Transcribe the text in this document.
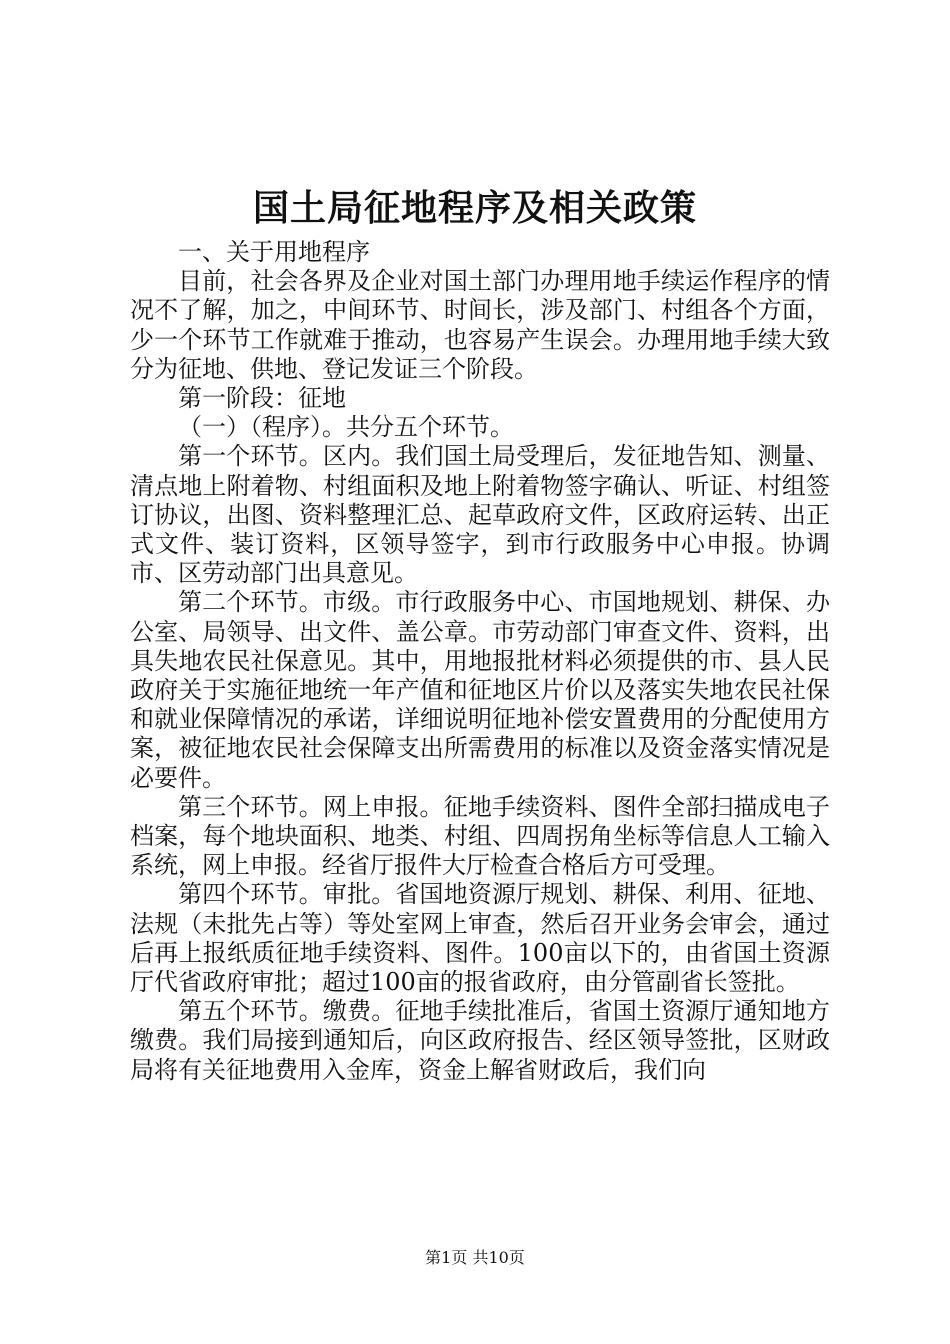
国土局征地程序及相关政策

一、关于用地程序

目前，社会各界及企业对国土部门办理用地手续运作程序的情况不了解，加之，中间环节、时间长，涉及部门、村组各个方面，少一个环节工作就难于推动，也容易产生误会。办理用地手续大致分为征地、供地、登记发证三个阶段。

第一阶段：征地

（一）（程序）。共分五个环节。

第一个环节。区内。我们国土局受理后，发征地告知、测量、清点地上附着物、村组面积及地上附着物签字确认、听证、村组签订协议，出图、资料整理汇总、起草政府文件，区政府运转、出正式文件、装订资料，区领导签字，到市行政服务中心申报。协调市、区劳动部门出具意见。

第二个环节。市级。市行政服务中心、市国地规划、耕保、办公室、局领导、出文件、盖公章。市劳动部门审查文件、资料，出具失地农民社保意见。其中，用地报批材料必须提供的市、县人民政府关于实施征地统一年产值和征地区片价以及落实失地农民社保和就业保障情况的承诺，详细说明征地补偿安置费用的分配使用方案，被征地农民社会保障支出所需费用的标准以及资金落实情况是必要件。

第三个环节。网上申报。征地手续资料、图件全部扫描成电子档案，每个地块面积、地类、村组、四周拐角坐标等信息人工输入系统，网上申报。经省厅报件大厅检查合格后方可受理。

第四个环节。审批。省国地资源厅规划、耕保、利用、征地、法规（未批先占等）等处室网上审查，然后召开业务会审会，通过后再上报纸质征地手续资料、图件。100亩以下的，由省国土资源厅代省政府审批；超过100亩的报省政府，由分管副省长签批。

第五个环节。缴费。征地手续批准后，省国土资源厅通知地方缴费。我们局接到通知后，向区政府报告、经区领导签批，区财政局将有关征地费用入金库，资金上解省财政后，我们向

第1页 共10页
